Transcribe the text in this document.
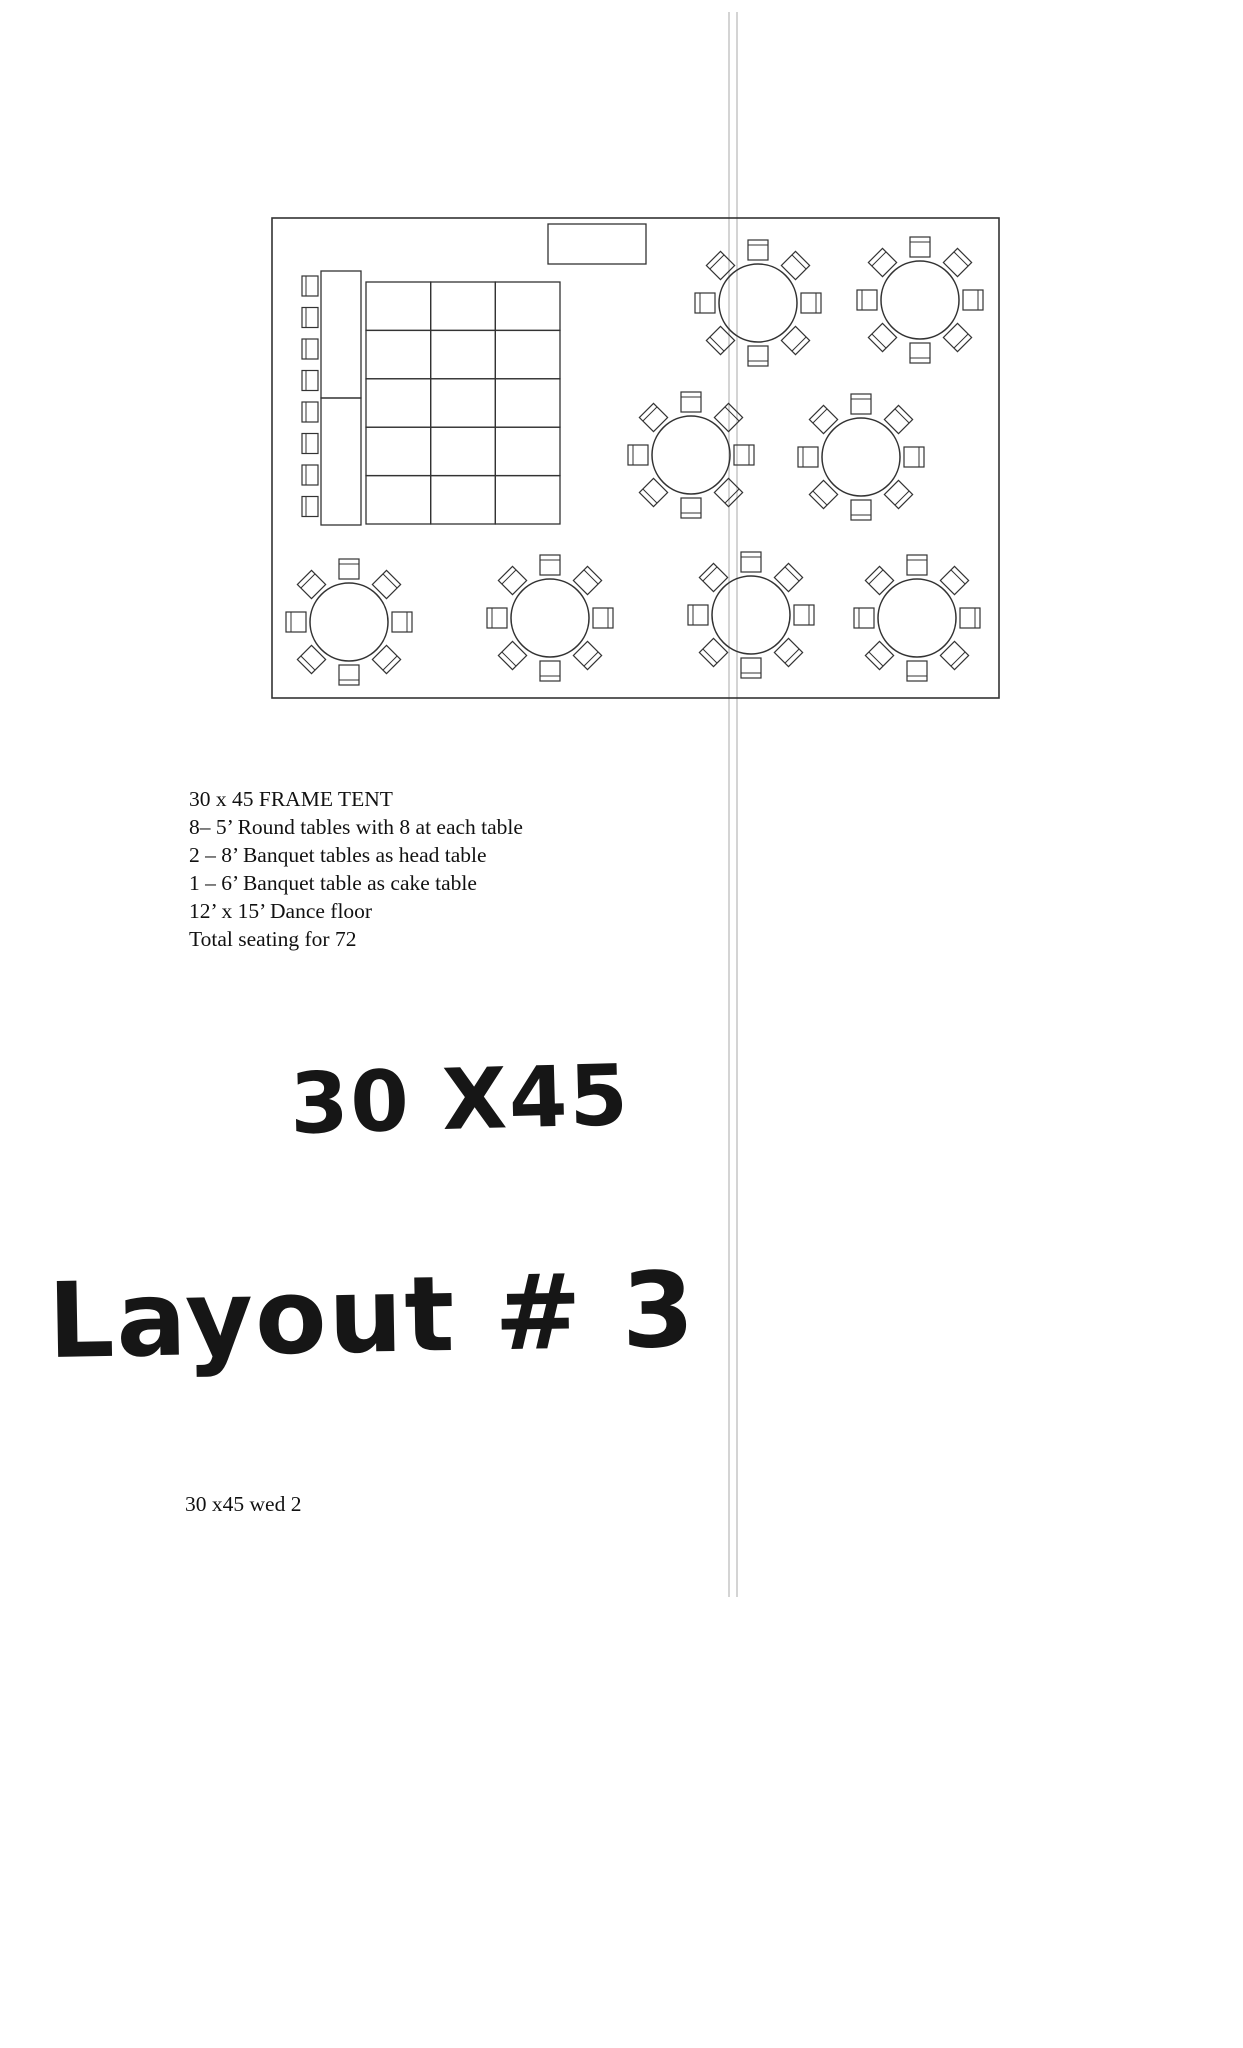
30 x 45 FRAME TENT
8– 5’ Round tables with 8 at each table
2 – 8’ Banquet tables as head table
1 – 6’ Banquet table as cake table
12’ x 15’ Dance floor
Total seating for 72
30 X45
Layout # 3
30 x45 wed 2
